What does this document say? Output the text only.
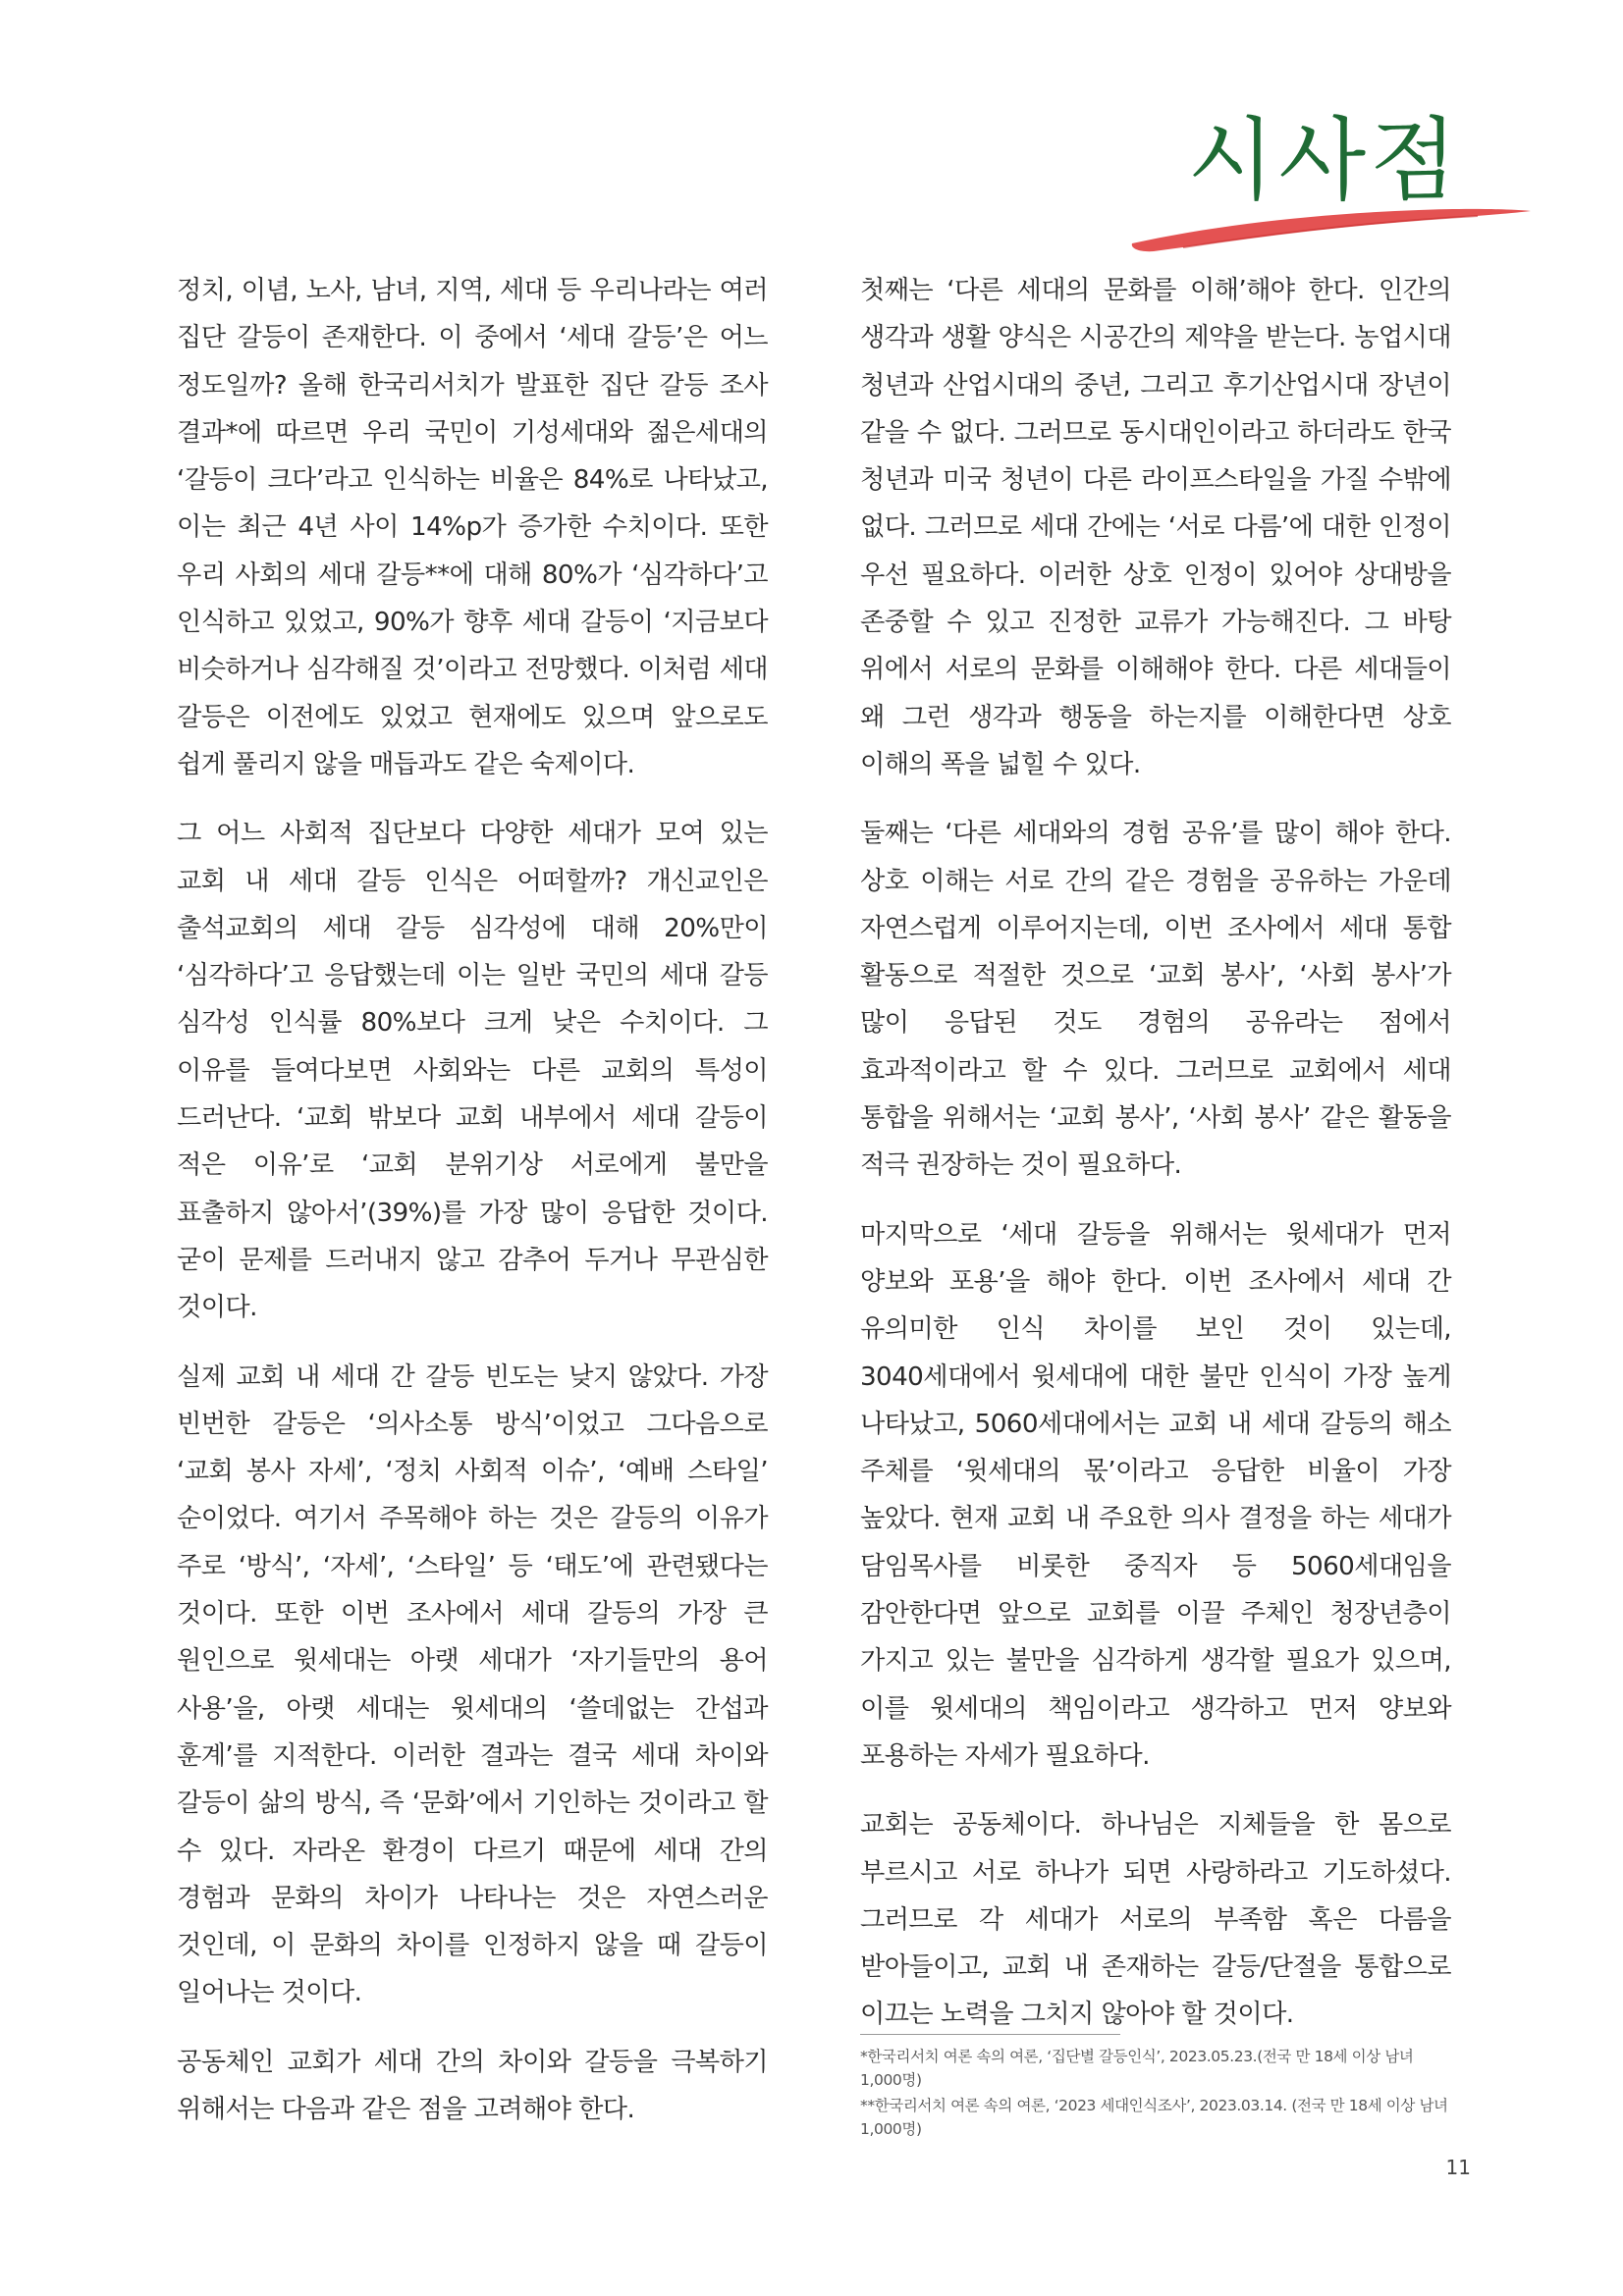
시사점

정치, 이념, 노사, 남녀, 지역, 세대 등 우리나라는 여러 집단 갈등이 존재한다. 이 중에서 ‘세대 갈등’은 어느 정도일까? 올해 한국리서치가 발표한 집단 갈등 조사 결과*에 따르면 우리 국민이 기성세대와 젊은세대의 ‘갈등이 크다’라고 인식하는 비율은 84%로 나타났고, 이는 최근 4년 사이 14%p가 증가한 수치이다. 또한 우리 사회의 세대 갈등**에 대해 80%가 ‘심각하다’고 인식하고 있었고, 90%가 향후 세대 갈등이 ‘지금보다 비슷하거나 심각해질 것’이라고 전망했다. 이처럼 세대 갈등은 이전에도 있었고 현재에도 있으며 앞으로도 쉽게 풀리지 않을 매듭과도 같은 숙제이다.

그 어느 사회적 집단보다 다양한 세대가 모여 있는 교회 내 세대 갈등 인식은 어떠할까? 개신교인은 출석교회의 세대 갈등 심각성에 대해 20%만이 ‘심각하다’고 응답했는데 이는 일반 국민의 세대 갈등 심각성 인식률 80%보다 크게 낮은 수치이다. 그 이유를 들여다보면 사회와는 다른 교회의 특성이 드러난다. ‘교회 밖보다 교회 내부에서 세대 갈등이 적은 이유’로 ‘교회 분위기상 서로에게 불만을 표출하지 않아서’(39%)를 가장 많이 응답한 것이다. 굳이 문제를 드러내지 않고 감추어 두거나 무관심한 것이다.

실제 교회 내 세대 간 갈등 빈도는 낮지 않았다. 가장 빈번한 갈등은 ‘의사소통 방식’이었고 그다음으로 ‘교회 봉사 자세’, ‘정치 사회적 이슈’, ‘예배 스타일’ 순이었다. 여기서 주목해야 하는 것은 갈등의 이유가 주로 ‘방식’, ‘자세’, ‘스타일’ 등 ‘태도’에 관련됐다는 것이다. 또한 이번 조사에서 세대 갈등의 가장 큰 원인으로 윗세대는 아랫 세대가 ‘자기들만의 용어 사용’을, 아랫 세대는 윗세대의 ‘쓸데없는 간섭과 훈계’를 지적한다. 이러한 결과는 결국 세대 차이와 갈등이 삶의 방식, 즉 ‘문화’에서 기인하는 것이라고 할 수 있다. 자라온 환경이 다르기 때문에 세대 간의 경험과 문화의 차이가 나타나는 것은 자연스러운 것인데, 이 문화의 차이를 인정하지 않을 때 갈등이 일어나는 것이다.

공동체인 교회가 세대 간의 차이와 갈등을 극복하기 위해서는 다음과 같은 점을 고려해야 한다.

첫째는 ‘다른 세대의 문화를 이해’해야 한다. 인간의 생각과 생활 양식은 시공간의 제약을 받는다. 농업시대 청년과 산업시대의 중년, 그리고 후기산업시대 장년이 같을 수 없다. 그러므로 동시대인이라고 하더라도 한국 청년과 미국 청년이 다른 라이프스타일을 가질 수밖에 없다. 그러므로 세대 간에는 ‘서로 다름’에 대한 인정이 우선 필요하다. 이러한 상호 인정이 있어야 상대방을 존중할 수 있고 진정한 교류가 가능해진다. 그 바탕 위에서 서로의 문화를 이해해야 한다. 다른 세대들이 왜 그런 생각과 행동을 하는지를 이해한다면 상호 이해의 폭을 넓힐 수 있다.

둘째는 ‘다른 세대와의 경험 공유’를 많이 해야 한다. 상호 이해는 서로 간의 같은 경험을 공유하는 가운데 자연스럽게 이루어지는데, 이번 조사에서 세대 통합 활동으로 적절한 것으로 ‘교회 봉사’, ‘사회 봉사’가 많이 응답된 것도 경험의 공유라는 점에서 효과적이라고 할 수 있다. 그러므로 교회에서 세대 통합을 위해서는 ‘교회 봉사’, ‘사회 봉사’ 같은 활동을 적극 권장하는 것이 필요하다.

마지막으로 ‘세대 갈등을 위해서는 윗세대가 먼저 양보와 포용’을 해야 한다. 이번 조사에서 세대 간 유의미한 인식 차이를 보인 것이 있는데, 3040세대에서 윗세대에 대한 불만 인식이 가장 높게 나타났고, 5060세대에서는 교회 내 세대 갈등의 해소 주체를 ‘윗세대의 몫’이라고 응답한 비율이 가장 높았다. 현재 교회 내 주요한 의사 결정을 하는 세대가 담임목사를 비롯한 중직자 등 5060세대임을 감안한다면 앞으로 교회를 이끌 주체인 청장년층이 가지고 있는 불만을 심각하게 생각할 필요가 있으며, 이를 윗세대의 책임이라고 생각하고 먼저 양보와 포용하는 자세가 필요하다.

교회는 공동체이다. 하나님은 지체들을 한 몸으로 부르시고 서로 하나가 되면 사랑하라고 기도하셨다. 그러므로 각 세대가 서로의 부족함 혹은 다름을 받아들이고, 교회 내 존재하는 갈등/단절을 통합으로 이끄는 노력을 그치지 않아야 할 것이다.

*한국리서치 여론 속의 여론, ‘집단별 갈등인식’, 2023.05.23.(전국 만 18세 이상 남녀 1,000명)

**한국리서치 여론 속의 여론, ‘2023 세대인식조사’, 2023.03.14. (전국 만 18세 이상 남녀 1,000명)

11
